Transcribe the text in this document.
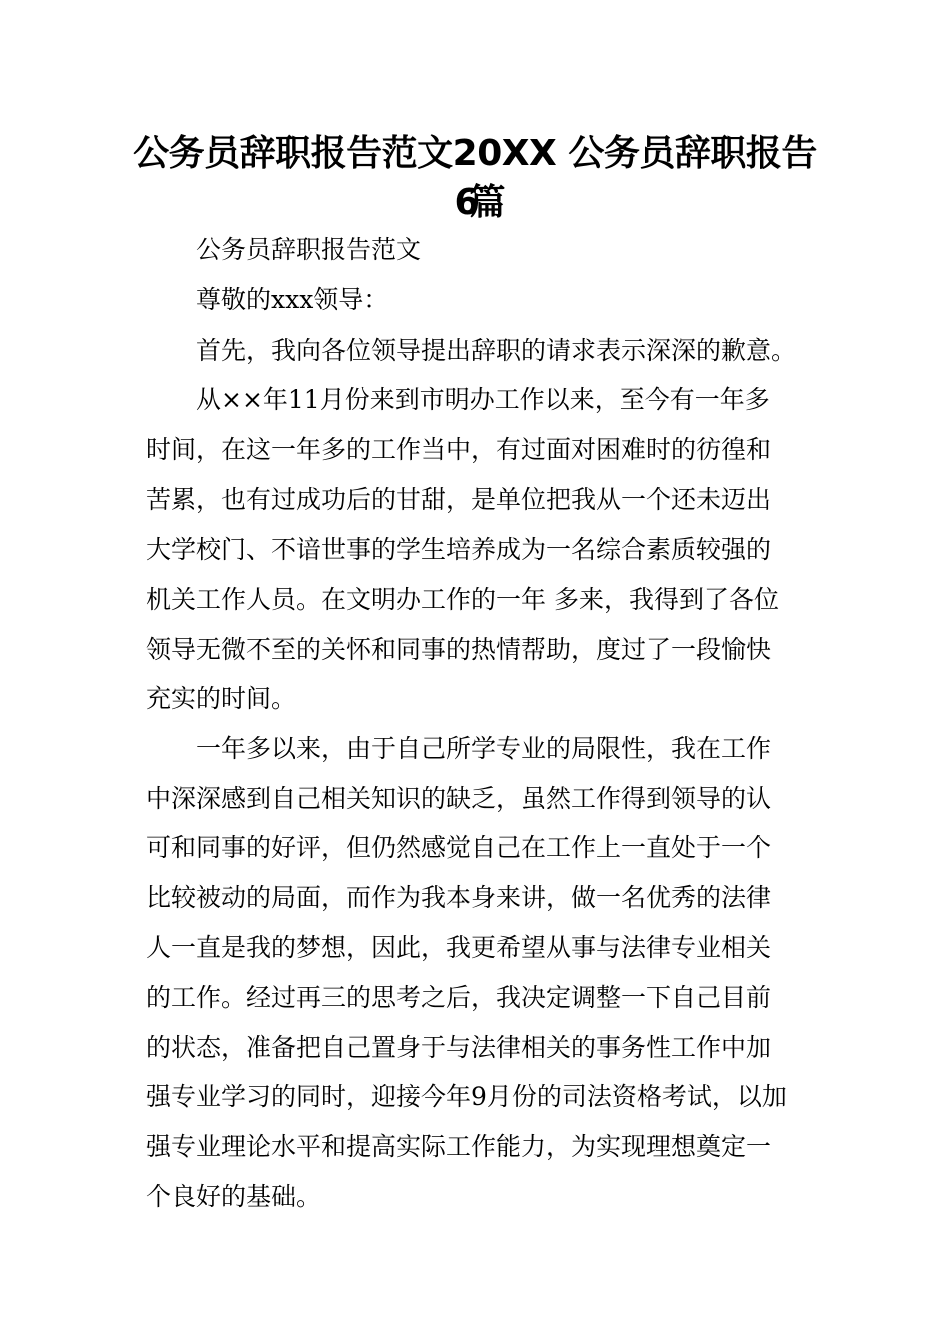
公务员辞职报告范文20XX 公务员辞职报告
6篇
公务员辞职报告范文
尊敬的xxx领导：
首先，我向各位领导提出辞职的请求表示深深的歉意。
从××年11月份来到市明办工作以来，至今有一年多
时间，在这一年多的工作当中，有过面对困难时的彷徨和
苦累，也有过成功后的甘甜，是单位把我从一个还未迈出
大学校门、不谙世事的学生培养成为一名综合素质较强的
机关工作人员。在文明办工作的一年 多来，我得到了各位
领导无微不至的关怀和同事的热情帮助，度过了一段愉快
充实的时间。
一年多以来，由于自己所学专业的局限性，我在工作
中深深感到自己相关知识的缺乏，虽然工作得到领导的认
可和同事的好评，但仍然感觉自己在工作上一直处于一个
比较被动的局面，而作为我本身来讲，做一名优秀的法律
人一直是我的梦想，因此，我更希望从事与法律专业相关
的工作。经过再三的思考之后，我决定调整一下自己目前
的状态，准备把自己置身于与法律相关的事务性工作中加
强专业学习的同时，迎接今年9月份的司法资格考试，以加
强专业理论水平和提高实际工作能力，为实现理想奠定一
个良好的基础。
